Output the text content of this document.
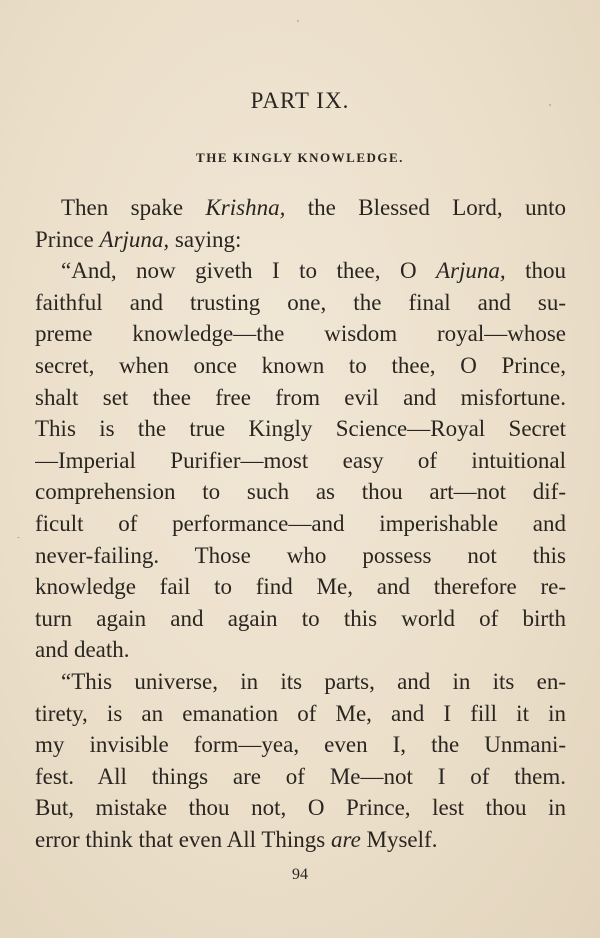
PART IX.
THE KINGLY KNOWLEDGE.
Then spake Krishna, the Blessed Lord, unto
Prince Arjuna, saying:
“And, now giveth I to thee, O Arjuna, thou
faithful and trusting one, the final and su-
preme knowledge—the wisdom royal—whose
secret, when once known to thee, O Prince,
shalt set thee free from evil and misfortune.
This is the true Kingly Science—Royal Secret
—Imperial Purifier—most easy of intuitional
comprehension to such as thou art—not dif-
ficult of performance—and imperishable and
never-failing. Those who possess not this
knowledge fail to find Me, and therefore re-
turn again and again to this world of birth
and death.
“This universe, in its parts, and in its en-
tirety, is an emanation of Me, and I fill it in
my invisible form—yea, even I, the Unmani-
fest. All things are of Me—not I of them.
But, mistake thou not, O Prince, lest thou in
error think that even All Things are Myself.
94
